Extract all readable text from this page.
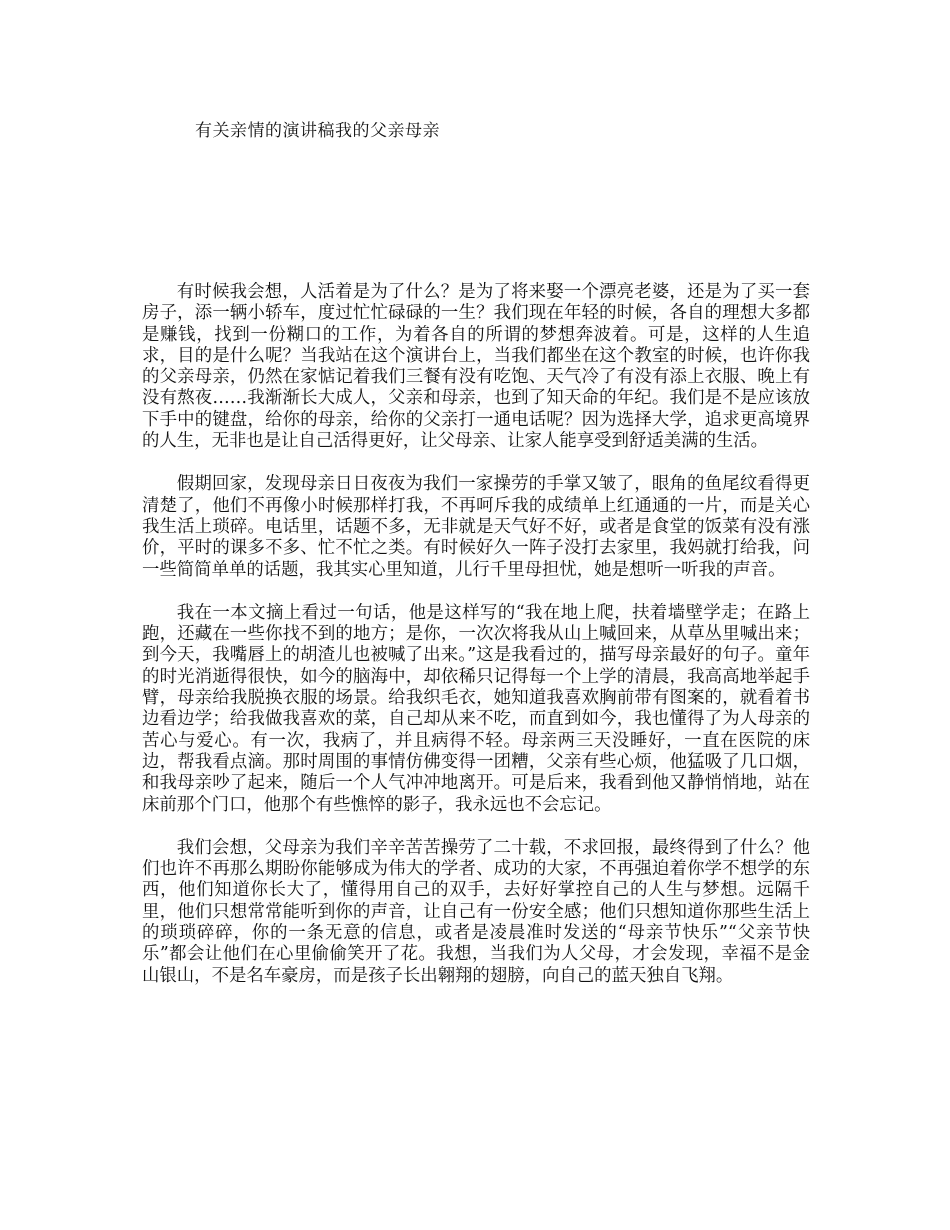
有关亲情的演讲稿我的父亲母亲

有时候我会想，人活着是为了什么？是为了将来娶一个漂亮老婆，还是为了买一套房子，添一辆小轿车，度过忙忙碌碌的一生？我们现在年轻的时候，各自的理想大多都是赚钱，找到一份糊口的工作，为着各自的所谓的梦想奔波着。可是，这样的人生追求，目的是什么呢？当我站在这个演讲台上，当我们都坐在这个教室的时候，也许你我的父亲母亲，仍然在家惦记着我们三餐有没有吃饱、天气冷了有没有添上衣服、晚上有没有熬夜……我渐渐长大成人，父亲和母亲，也到了知天命的年纪。我们是不是应该放下手中的键盘，给你的母亲，给你的父亲打一通电话呢？因为选择大学，追求更高境界的人生，无非也是让自己活得更好，让父母亲、让家人能享受到舒适美满的生活。

假期回家，发现母亲日日夜夜为我们一家操劳的手掌又皱了，眼角的鱼尾纹看得更清楚了，他们不再像小时候那样打我，不再呵斥我的成绩单上红通通的一片，而是关心我生活上琐碎。电话里，话题不多，无非就是天气好不好，或者是食堂的饭菜有没有涨价，平时的课多不多、忙不忙之类。有时候好久一阵子没打去家里，我妈就打给我，问一些简简单单的话题，我其实心里知道，儿行千里母担忧，她是想听一听我的声音。

我在一本文摘上看过一句话，他是这样写的“我在地上爬，扶着墙壁学走；在路上跑，还藏在一些你找不到的地方；是你，一次次将我从山上喊回来，从草丛里喊出来；到今天，我嘴唇上的胡渣儿也被喊了出来。”这是我看过的，描写母亲最好的句子。童年的时光消逝得很快，如今的脑海中，却依稀只记得每一个上学的清晨，我高高地举起手臂，母亲给我脱换衣服的场景。给我织毛衣，她知道我喜欢胸前带有图案的，就看着书边看边学；给我做我喜欢的菜，自己却从来不吃，而直到如今，我也懂得了为人母亲的苦心与爱心。有一次，我病了，并且病得不轻。母亲两三天没睡好，一直在医院的床边，帮我看点滴。那时周围的事情仿佛变得一团糟，父亲有些心烦，他猛吸了几口烟，和我母亲吵了起来，随后一个人气冲冲地离开。可是后来，我看到他又静悄悄地，站在床前那个门口，他那个有些憔悴的影子，我永远也不会忘记。

我们会想，父母亲为我们辛辛苦苦操劳了二十载，不求回报，最终得到了什么？他们也许不再那么期盼你能够成为伟大的学者、成功的大家，不再强迫着你学不想学的东西，他们知道你长大了，懂得用自己的双手，去好好掌控自己的人生与梦想。远隔千里，他们只想常常能听到你的声音，让自己有一份安全感；他们只想知道你那些生活上的琐琐碎碎，你的一条无意的信息，或者是凌晨准时发送的“母亲节快乐”“父亲节快乐”都会让他们在心里偷偷笑开了花。我想，当我们为人父母，才会发现，幸福不是金山银山，不是名车豪房，而是孩子长出翱翔的翅膀，向自己的蓝天独自飞翔。
